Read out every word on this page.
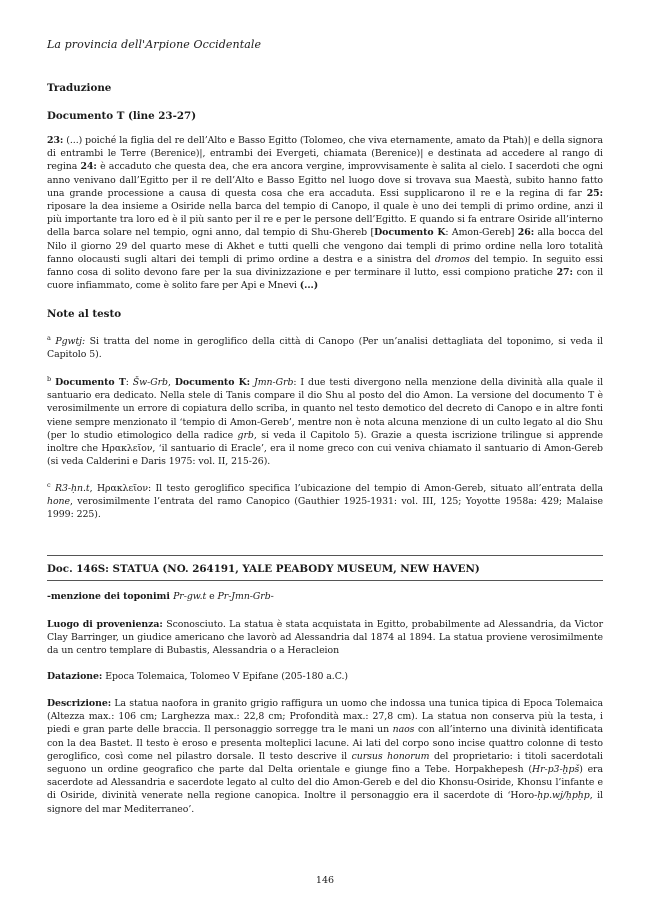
La provincia dell'Arpione Occidentale
Traduzione
Documento T (line 23-27)
23: (...) poiché la figlia del re dell’Alto e Basso Egitto (Tolomeo, che viva eternamente, amato da Ptah)| e della signora di entrambi le Terre (Berenice)|, entrambi dei Evergeti, chiamata (Berenice)| e destinata ad accedere al rango di regina 24: è accaduto che questa dea, che era ancora vergine, improvvisamente è salita al cielo. I sacerdoti che ogni anno venivano dall’Egitto per il re dell’Alto e Basso Egitto nel luogo dove si trovava sua Maestà, subito hanno fatto una grande processione a causa di questa cosa che era accaduta. Essi supplicarono il re e la regina di far 25: riposare la dea insieme a Osiride nella barca del tempio di Canopo, il quale è uno dei templi di primo ordine, anzi il più importante tra loro ed è il più santo per il re e per le persone dell’Egitto. E quando si fa entrare Osiride all’interno della barca solare nel tempio, ogni anno, dal tempio di Shu-Ghereb [Documento K: Amon-Gereb] 26: alla bocca del Nilo il giorno 29 del quarto mese di Akhet e tutti quelli che vengono dai templi di primo ordine nella loro totalità fanno olocausti sugli altari dei templi di primo ordine a destra e a sinistra del dromos del tempio. In seguito essi fanno cosa di solito devono fare per la sua divinizzazione e per terminare il lutto, essi compiono pratiche 27: con il cuore infiammato, come è solito fare per Api e Mnevi (...)
Note al testo
$^a$ Pgwtj: Si tratta del nome in geroglifico della città di Canopo (Per un’analisi dettagliata del toponimo, si veda il Capitolo 5).
$^b$ Documento T: Šw-Grb, Documento K: Jmn-Grb: I due testi divergono nella menzione della divinità alla quale il santuario era dedicato. Nella stele di Tanis compare il dio Shu al posto del dio Amon. La versione del documento T è verosimilmente un errore di copiatura dello scriba, in quanto nel testo demotico del decreto di Canopo e in altre fonti viene sempre menzionato il ‘tempio di Amon-Gereb’, mentre non è nota alcuna menzione di un culto legato al dio Shu (per lo studio etimologico della radice grb, si veda il Capitolo 5). Grazie a questa iscrizione trilingue si apprende inoltre che Ηρακλεῖον, ‘il santuario di Eracle’, era il nome greco con cui veniva chiamato il santuario di Amon-Gereb (si veda Calderini e Daris 1975: vol. II, 215-26).
$^c$ R3-ḥn.t, Ηρακλεῖον: Il testo geroglifico specifica l’ubicazione del tempio di Amon-Gereb, situato all’entrata della hone, verosimilmente l’entrata del ramo Canopico (Gauthier 1925-1931: vol. III, 125; Yoyotte 1958a: 429; Malaise 1999: 225).
Doc. 146S: STATUA (NO. 264191, YALE PEABODY MUSEUM, NEW HAVEN)
-menzione dei toponimi Pr-gw.t e Pr-Jmn-Grb-
Luogo di provenienza: Sconosciuto. La statua è stata acquistata in Egitto, probabilmente ad Alessandria, da Victor Clay Barringer, un giudice americano che lavorò ad Alessandria dal 1874 al 1894. La statua proviene verosimilmente da un centro templare di Bubastis, Alessandria o a Heracleion
Datazione: Epoca Tolemaica, Tolomeo V Epifane (205-180 a.C.)
Descrizione: La statua naofora in granito grigio raffigura un uomo che indossa una tunica tipica di Epoca Tolemaica (Altezza max.: 106 cm; Larghezza max.: 22,8 cm; Profondità max.: 27,8 cm). La statua non conserva più la testa, i piedi e gran parte delle braccia. Il personaggio sorregge tra le mani un naos con all’interno una divinità identificata con la dea Bastet. Il testo è eroso e presenta molteplici lacune. Ai lati del corpo sono incise quattro colonne di testo geroglifico, così come nel pilastro dorsale. Il testo descrive il cursus honorum del proprietario: i titoli sacerdotali seguono un ordine geografico che parte dal Delta orientale e giunge fino a Tebe. Horpakhepesh (Hr-p3-ḫpš) era sacerdote ad Alessandria e sacerdote legato al culto del dio Amon-Gereb e del dio Khonsu-Osiride, Khonsu l’infante e di Osiride, divinità venerate nella regione canopica. Inoltre il personaggio era il sacerdote di ‘Horo-ḥp.wj/ḥpḥp, il signore del mar Mediterraneo’.
146
